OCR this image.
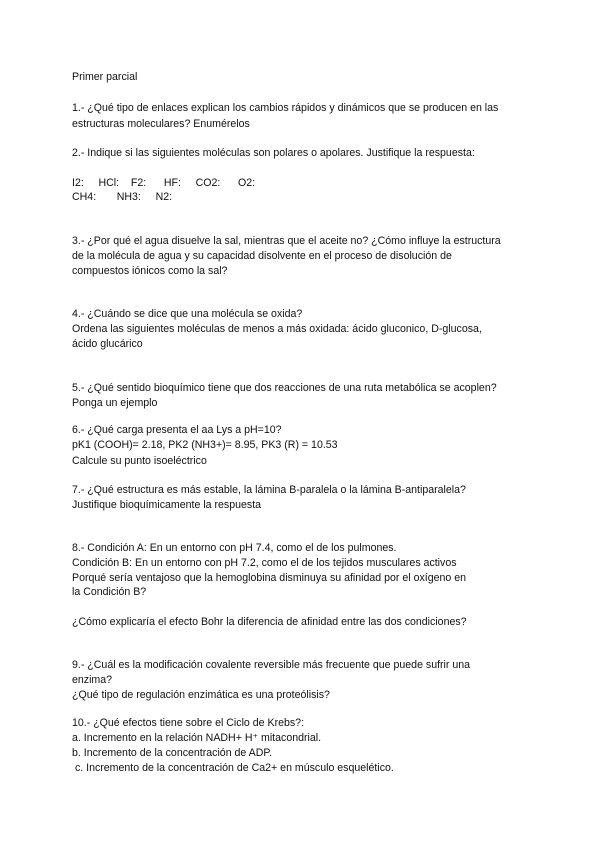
Primer parcial

1.- ¿Qué tipo de enlaces explican los cambios rápidos y dinámicos que se producen en las

estructuras moleculares? Enumérelos

2.- Indique si las siguientes moléculas son polares o apolares. Justifique la respuesta:

I2:     HCl:    F2:      HF:     CO2:      O2:

CH4:       NH3:     N2:

3.- ¿Por qué el agua disuelve la sal, mientras que el aceite no? ¿Cómo influye la estructura

de la molécula de agua y su capacidad disolvente en el proceso de disolución de

compuestos iónicos como la sal?

4.- ¿Cuándo se dice que una molécula se oxida?

Ordena las siguientes moléculas de menos a más oxidada: ácido gluconico, D-glucosa,

ácido glucárico

5.- ¿Qué sentido bioquímico tiene que dos reacciones de una ruta metabólica se acoplen?

Ponga un ejemplo

6.- ¿Qué carga presenta el aa Lys a pH=10?

pK1 (COOH)= 2.18, PK2 (NH3+)= 8.95, PK3 (R) = 10.53

Calcule su punto isoeléctrico

7.- ¿Qué estructura es más estable, la lámina B-paralela o la lámina B-antiparalela?

Justifique bioquímicamente la respuesta

8.- Condición A: En un entorno con pH 7.4, como el de los pulmones.

Condición B: En un entorno con pH 7.2, como el de los tejidos musculares activos

Porqué sería ventajoso que la hemoglobina disminuya su afinidad por el oxígeno en

la Condición B?

¿Cómo explicaría el efecto Bohr la diferencia de afinidad entre las dos condiciones?

9.- ¿Cuál es la modificación covalente reversible más frecuente que puede sufrir una

enzima?

¿Qué tipo de regulación enzimática es una proteólisis?

10.- ¿Qué efectos tiene sobre el Ciclo de Krebs?:

a. Incremento en la relación NADH+ H⁺ mitacondrial.

b. Incremento de la concentración de ADP.

c. Incremento de la concentración de Ca2+ en músculo esquelético.
